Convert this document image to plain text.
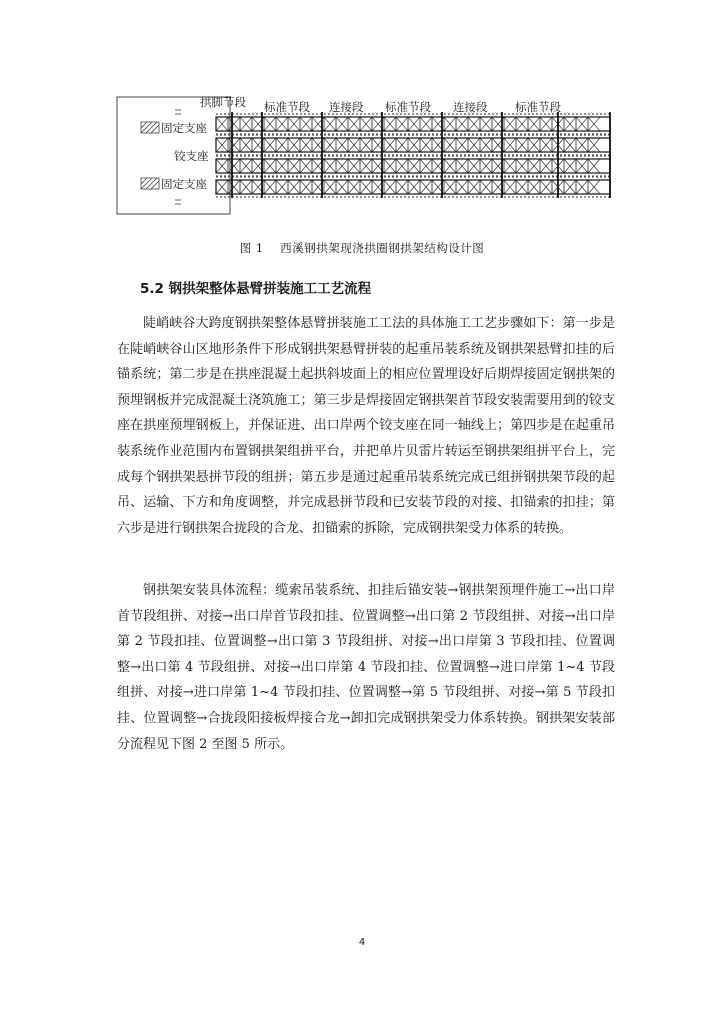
固定支座
铰支座
固定支座
拱脚节段 标准节段 连接段 标准节段 连接段 标准节段
图 1    西溪钢拱架现浇拱圈钢拱架结构设计图
5.2 钢拱架整体悬臂拼装施工工艺流程

陡峭峡谷大跨度钢拱架整体悬臂拼装施工工法的具体施工工艺步骤如下：第一步是在陡峭峡谷山区地形条件下形成钢拱架悬臂拼装的起重吊装系统及钢拱架悬臂扣挂的后锚系统；第二步是在拱座混凝土起拱斜坡面上的相应位置埋设好后期焊接固定钢拱架的预埋钢板并完成混凝土浇筑施工；第三步是焊接固定钢拱架首节段安装需要用到的铰支座在拱座预埋钢板上，并保证进、出口岸两个铰支座在同一轴线上；第四步是在起重吊装系统作业范围内布置钢拱架组拼平台，并把单片贝雷片转运至钢拱架组拼平台上，完成每个钢拱架悬拼节段的组拼；第五步是通过起重吊装系统完成已组拼钢拱架节段的起吊、运输、下方和角度调整，并完成悬拼节段和已安装节段的对接、扣锚索的扣挂；第六步是进行钢拱架合拢段的合龙、扣锚索的拆除，完成钢拱架受力体系的转换。

钢拱架安装具体流程：缆索吊装系统、扣挂后锚安装→钢拱架预埋件施工→出口岸首节段组拼、对接→出口岸首节段扣挂、位置调整→出口第 2 节段组拼、对接→出口岸第 2 节段扣挂、位置调整→出口第 3 节段组拼、对接→出口岸第 3 节段扣挂、位置调整→出口第 4 节段组拼、对接→出口岸第 4 节段扣挂、位置调整→进口岸第 1~4 节段组拼、对接→进口岸第 1~4 节段扣挂、位置调整→第 5 节段组拼、对接→第 5 节段扣挂、位置调整→合拢段阳接板焊接合龙→卸扣完成钢拱架受力体系转换。钢拱架安装部分流程见下图 2 至图 5 所示。

4
